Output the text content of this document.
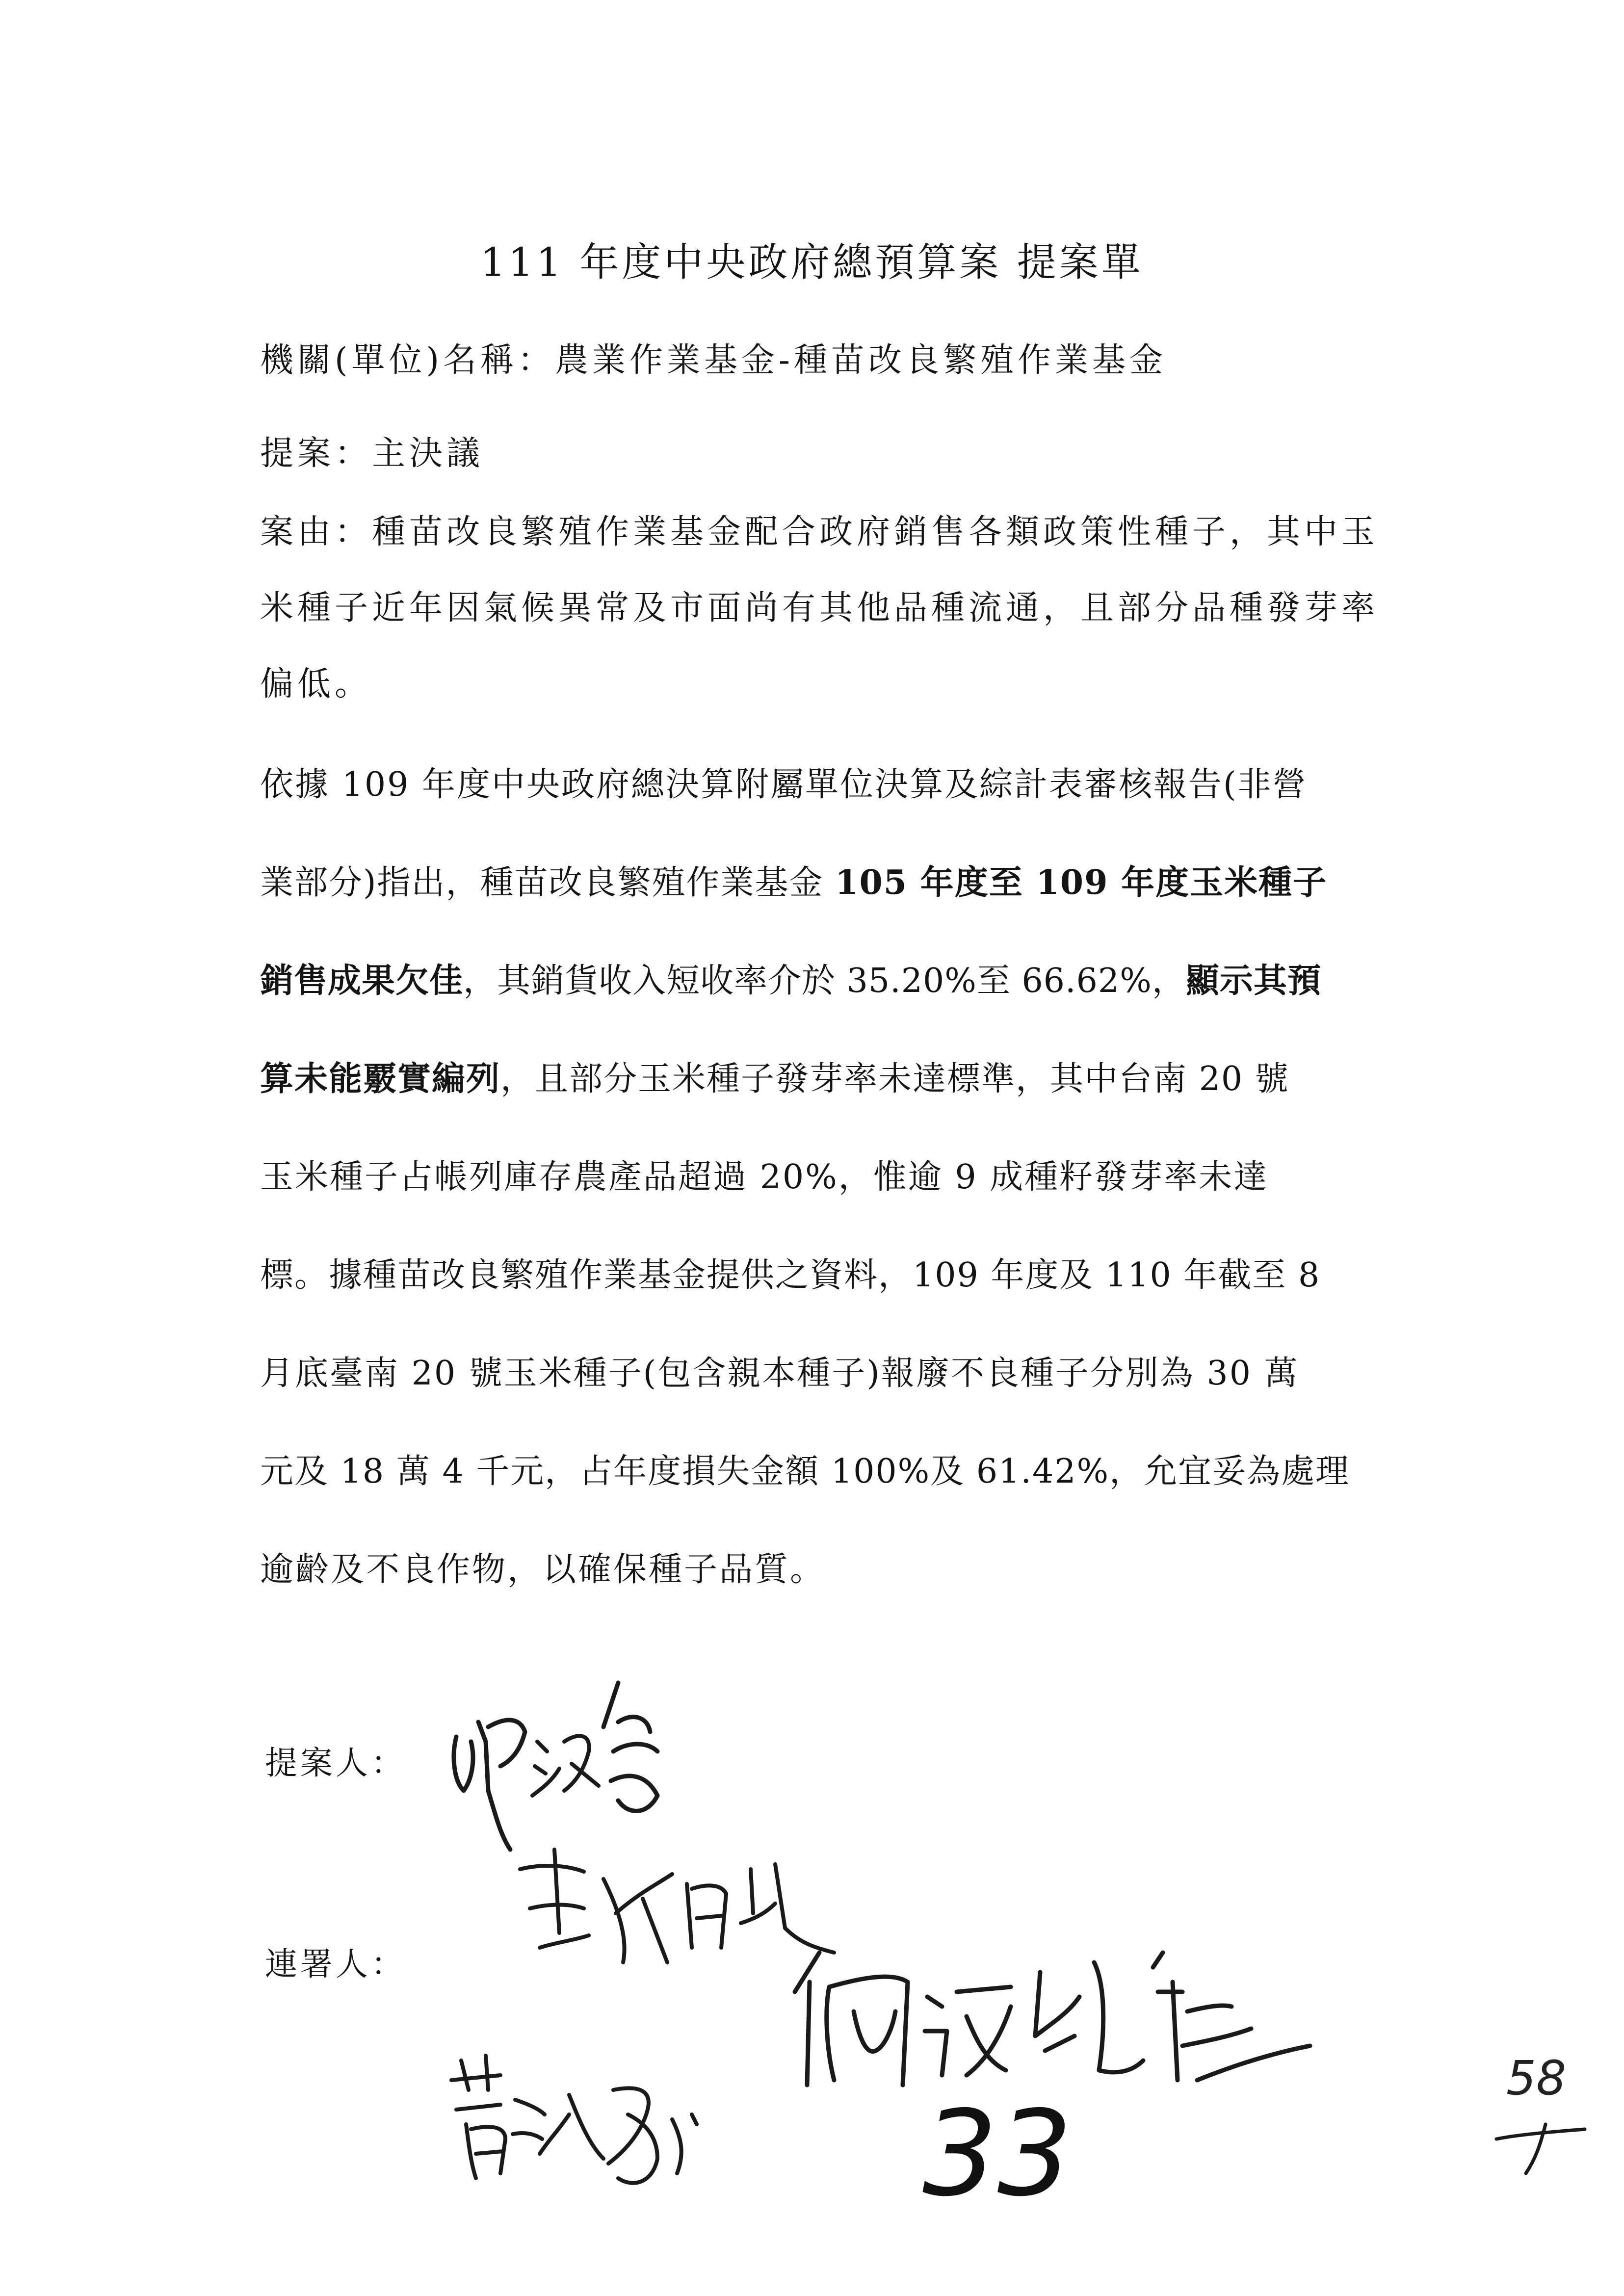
111 年度中央政府總預算案 提案單
機關(單位)名稱：農業作業基金-種苗改良繁殖作業基金
提案：主決議
案由：種苗改良繁殖作業基金配合政府銷售各類政策性種子，其中玉
米種子近年因氣候異常及市面尚有其他品種流通，且部分品種發芽率
偏低。
依據 109 年度中央政府總決算附屬單位決算及綜計表審核報告(非營
業部分)指出，種苗改良繁殖作業基金 105 年度至 109 年度玉米種子
銷售成果欠佳，其銷貨收入短收率介於 35.20%至 66.62%，顯示其預
算未能覈實編列，且部分玉米種子發芽率未達標準，其中台南 20 號
玉米種子占帳列庫存農產品超過 20%，惟逾 9 成種籽發芽率未達
標。據種苗改良繁殖作業基金提供之資料，109 年度及 110 年截至 8
月底臺南 20 號玉米種子(包含親本種子)報廢不良種子分別為 30 萬
元及 18 萬 4 千元，占年度損失金額 100%及 61.42%，允宜妥為處理
逾齡及不良作物，以確保種子品質。
提案人：
連署人：
33
58
